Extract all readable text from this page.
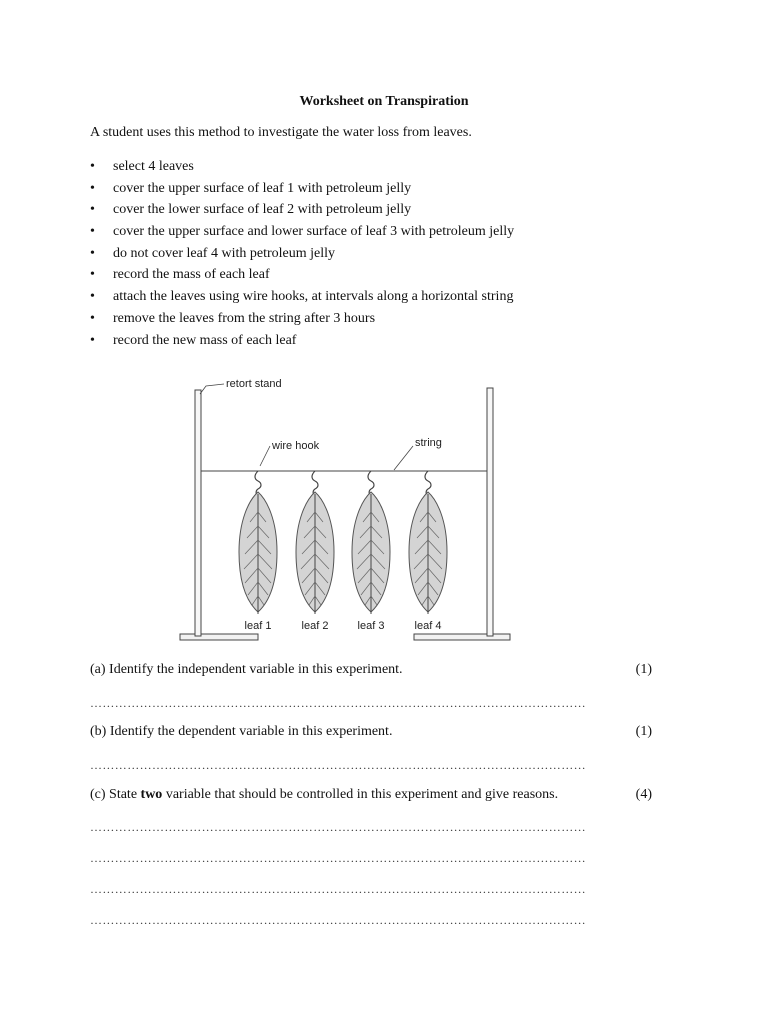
Worksheet on Transpiration
A student uses this method to investigate the water loss from leaves.
• select 4 leaves
• cover the upper surface of leaf 1 with petroleum jelly
• cover the lower surface of leaf 2 with petroleum jelly
• cover the upper surface and lower surface of leaf 3 with petroleum jelly
• do not cover leaf 4 with petroleum jelly
• record the mass of each leaf
• attach the leaves using wire hooks, at intervals along a horizontal string
• remove the leaves from the string after 3 hours
• record the new mass of each leaf
retort stand
wire hook	string
leaf 1	leaf 2	leaf 3	leaf 4
(a) Identify the independent variable in this experiment.	(1)
…………………………………………………………………………………………………………
(b) Identify the dependent variable in this experiment.	(1)
…………………………………………………………………………………………………………
(c) State two variable that should be controlled in this experiment and give reasons.	(4)
…………………………………………………………………………………………………………
…………………………………………………………………………………………………………
…………………………………………………………………………………………………………
…………………………………………………………………………………………………………
